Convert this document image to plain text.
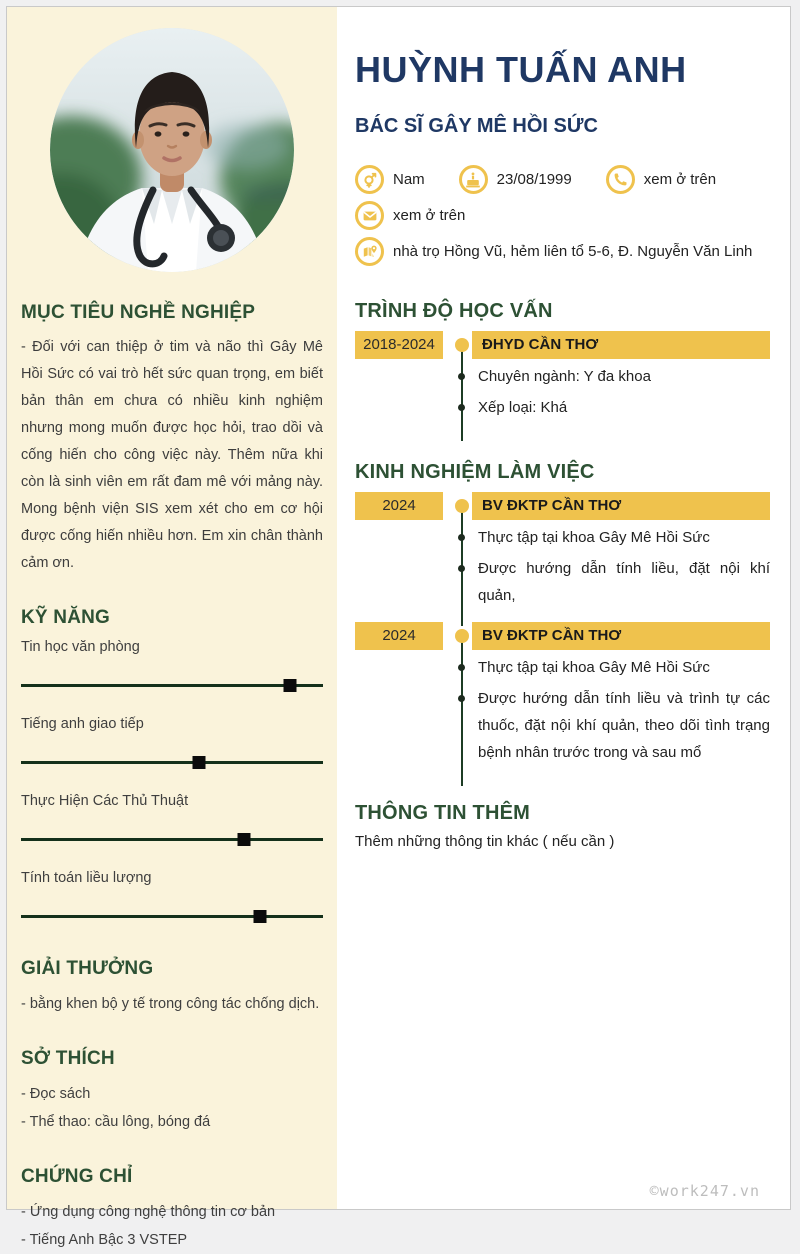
MỤC TIÊU NGHỀ NGHIỆP

- Đối với can thiệp ở tim và não thì Gây Mê Hồi Sức có vai trò hết sức quan trọng, em biết bản thân em chưa có nhiều kinh nghiệm nhưng mong muốn được học hỏi, trao dồi và cống hiến cho công việc này. Thêm nữa khi còn là sinh viên em rất đam mê với mảng này. Mong bệnh viện SIS xem xét cho em cơ hội được cống hiến nhiều hơn. Em xin chân thành cảm ơn.

KỸ NĂNG
Tin học văn phòng
Tiếng anh giao tiếp
Thực Hiện Các Thủ Thuật
Tính toán liều lượng
GIẢI THƯỞNG

- bằng khen bộ y tế trong công tác chống dịch.

SỞ THÍCH

- Đọc sách

- Thể thao: cầu lông, bóng đá

CHỨNG CHỈ

- Ứng dụng công nghệ thông tin cơ bản

- Tiếng Anh Bậc 3 VSTEP

HUỲNH TUẤN ANH
BÁC SĨ GÂY MÊ HỒI SỨC
Nam	23/08/1999	xem ở trên
xem ở trên
nhà trọ Hồng Vũ, hẻm liên tổ 5-6, Đ. Nguyễn Văn Linh
TRÌNH ĐỘ HỌC VẤN
2018-2024	ĐHYD CẦN THƠ
Chuyên ngành: Y đa khoa
Xếp loại: Khá
KINH NGHIỆM LÀM VIỆC
2024	BV ĐKTP CẦN THƠ
Thực tập tại khoa Gây Mê Hồi Sức
Được hướng dẫn tính liều, đặt nội khí quản,
2024	BV ĐKTP CẦN THƠ
Thực tập tại khoa Gây Mê Hồi Sức
Được hướng dẫn tính liều và trình tự các thuốc, đặt nội khí quản, theo dõi tình trạng bệnh nhân trước trong và sau mổ
THÔNG TIN THÊM

Thêm những thông tin khác ( nếu cần )

©work247.vn
